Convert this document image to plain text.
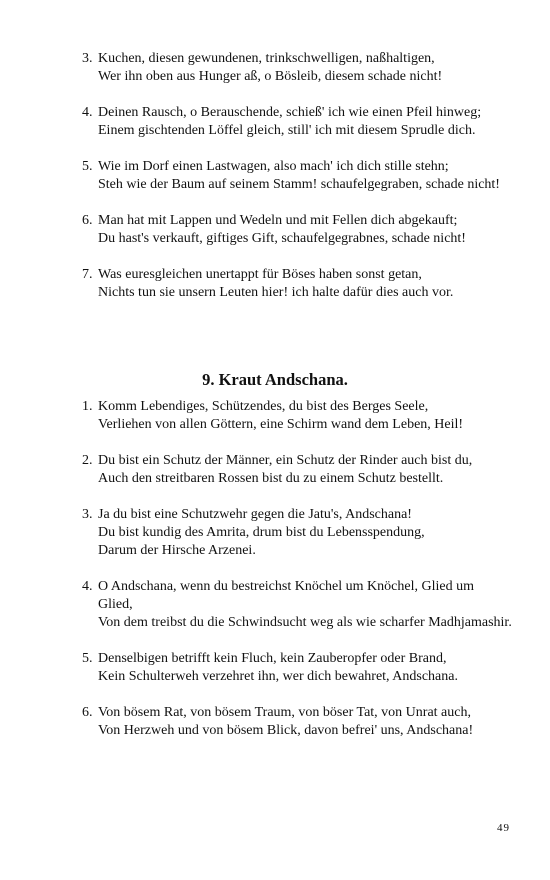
3. Kuchen, diesen gewundenen, trinkschwelligen, naßhaltigen,
Wer ihn oben aus Hunger aß, o Bösleib, diesem schade nicht!
4. Deinen Rausch, o Berauschende, schieß' ich wie einen Pfeil hinweg;
Einem gischtenden Löffel gleich, still' ich mit diesem Sprudle dich.
5. Wie im Dorf einen Lastwagen, also mach' ich dich stille stehn;
Steh wie der Baum auf seinem Stamm! schaufelgegraben, schade nicht!
6. Man hat mit Lappen und Wedeln und mit Fellen dich abgekauft;
Du hast's verkauft, giftiges Gift, schaufelgegrabnes, schade nicht!
7. Was euresgleichen unertappt für Böses haben sonst getan,
Nichts tun sie unsern Leuten hier! ich halte dafür dies auch vor.
9. Kraut Andschana.
1. Komm Lebendiges, Schützendes, du bist des Berges Seele,
Verliehen von allen Göttern, eine Schirm wand dem Leben, Heil!
2. Du bist ein Schutz der Männer, ein Schutz der Rinder auch bist du,
Auch den streitbaren Rossen bist du zu einem Schutz bestellt.
3. Ja du bist eine Schutzwehr gegen die Jatu's, Andschana!
Du bist kundig des Amrita, drum bist du Lebensspendung,
Darum der Hirsche Arzenei.
4. O Andschana, wenn du bestreichst Knöchel um Knöchel, Glied um Glied,
Von dem treibst du die Schwindsucht weg als wie scharfer Madhjamashir.
5. Denselbigen betrifft kein Fluch, kein Zauberopfer oder Brand,
Kein Schulterweh verzehret ihn, wer dich bewahret, Andschana.
6. Von bösem Rat, von bösem Traum, von böser Tat, von Unrat auch,
Von Herzweh und von bösem Blick, davon befrei' uns, Andschana!
49
